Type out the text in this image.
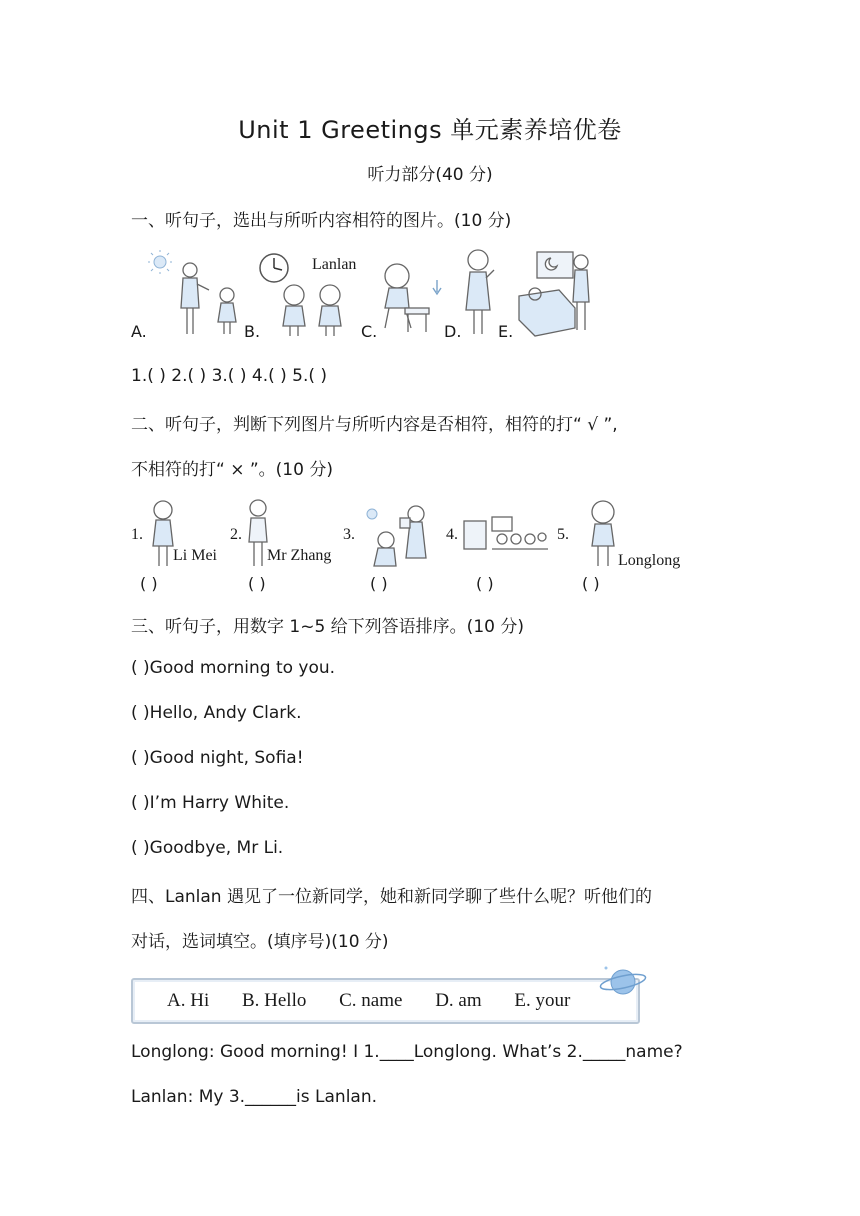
Unit 1 Greetings 单元素养培优卷
听力部分(40 分)
一、听句子，选出与所听内容相符的图片。(10 分)
A.
Lanlan
B.	C.	D. E.
1.( ) 2.( ) 3.( ) 4.( ) 5.( )
二、听句子，判断下列图片与所听内容是否相符，相符的打“ √ ”,
不相符的打“ × ”。(10 分)
1.
Li Mei
2.
Mr Zhang
3.	4.	5.
Longlong
( )	( )	( )	( )	( )
三、听句子，用数字 1~5 给下列答语排序。(10 分)
( )Good morning to you.
( )Hello, Andy Clark.
( )Good night, Sofia!
( )I’m Harry White.
( )Goodbye, Mr Li.
四、Lanlan 遇见了一位新同学，她和新同学聊了些什么呢？听他们的
对话，选词填空。(填序号)(10 分)
A. Hi B. Hello C. name D. am E. your
Longlong: Good morning! I 1.____Longlong. What’s 2._____name?
Lanlan: My 3.______is Lanlan.
